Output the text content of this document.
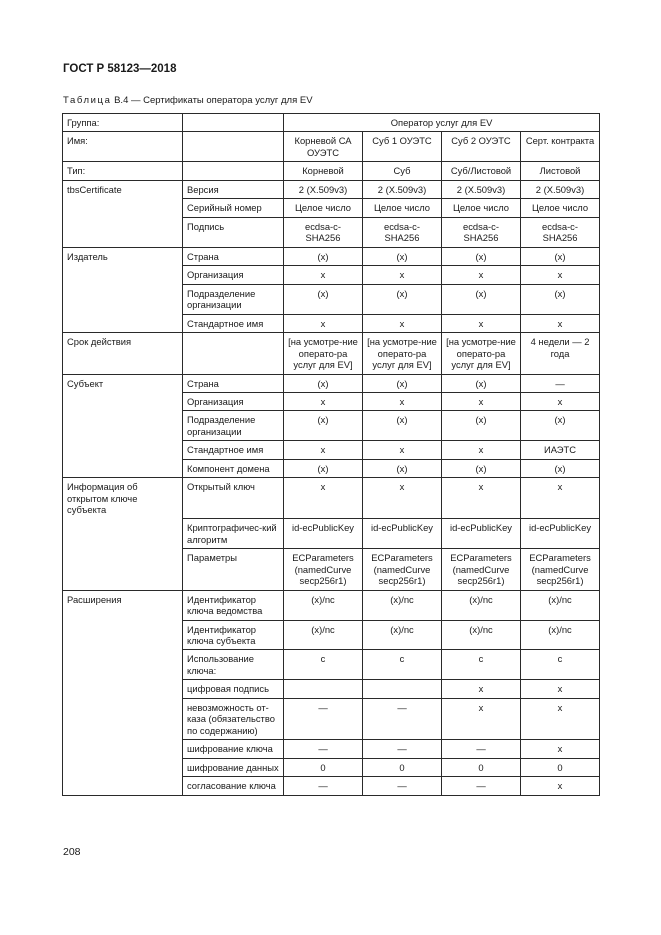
ГОСТ Р 58123—2018
Таблица В.4 — Сертификаты оператора услуг для EV
Группа:		Оператор услуг для EV			
Имя:		Корневой СА ОУЭТС	Суб 1 ОУЭТС	Суб 2 ОУЭТС	Серт. контракта
Тип:		Корневой	Суб	Суб/Листовой	Листовой
tbsCertificate	Версия	2 (X.509v3)	2 (X.509v3)	2 (X.509v3)	2 (X.509v3)
	Серийный номер	Целое число	Целое число	Целое число	Целое число
	Подпись	ecdsa-c-SHA256	ecdsa-c-SHA256	ecdsa-c-SHA256	ecdsa-c-SHA256
Издатель	Страна	(x)	(x)	(x)	(x)
	Организация	x	x	x	x
	Подразделение организации	(x)	(x)	(x)	(x)
	Стандартное имя	x	x	x	x
Срок действия		[на усмотре-ние операто-ра услуг для EV]	[на усмотре-ние операто-ра услуг для EV]	[на усмотре-ние операто-ра услуг для EV]	4 недели — 2 года
Субъект	Страна	(x)	(x)	(x)	—
	Организация	x	x	x	x
	Подразделение организации	(x)	(x)	(x)	(x)
	Стандартное имя	x	x	x	ИАЭТС
	Компонент домена	(x)	(x)	(x)	(x)
Информация об открытом ключе субъекта	Открытый ключ	x	x	x	x
	Криптографичес-кий алгоритм	id-ecPublicKey	id-ecPublicKey	id-ecPublicKey	id-ecPublicKey
	Параметры	ECParameters (namedCurve secp256r1)	ECParameters (namedCurve secp256r1)	ECParameters (namedCurve secp256r1)	ECParameters (namedCurve secp256r1)
Расширения	Идентификатор ключа ведомства	(x)/nc	(x)/nc	(x)/nc	(x)/nc
	Идентификатор ключа субъекта	(x)/nc	(x)/nc	(x)/nc	(x)/nc
	Использование ключа:	c	c	c	c
	цифровая подпись			x	x
	невозможность от-каза (обязательство по содержанию)	—	—	x	x
	шифрование ключа	—	—	—	x
	шифрование данных	0	0	0	0
	согласование ключа	—	—	—	x
208
